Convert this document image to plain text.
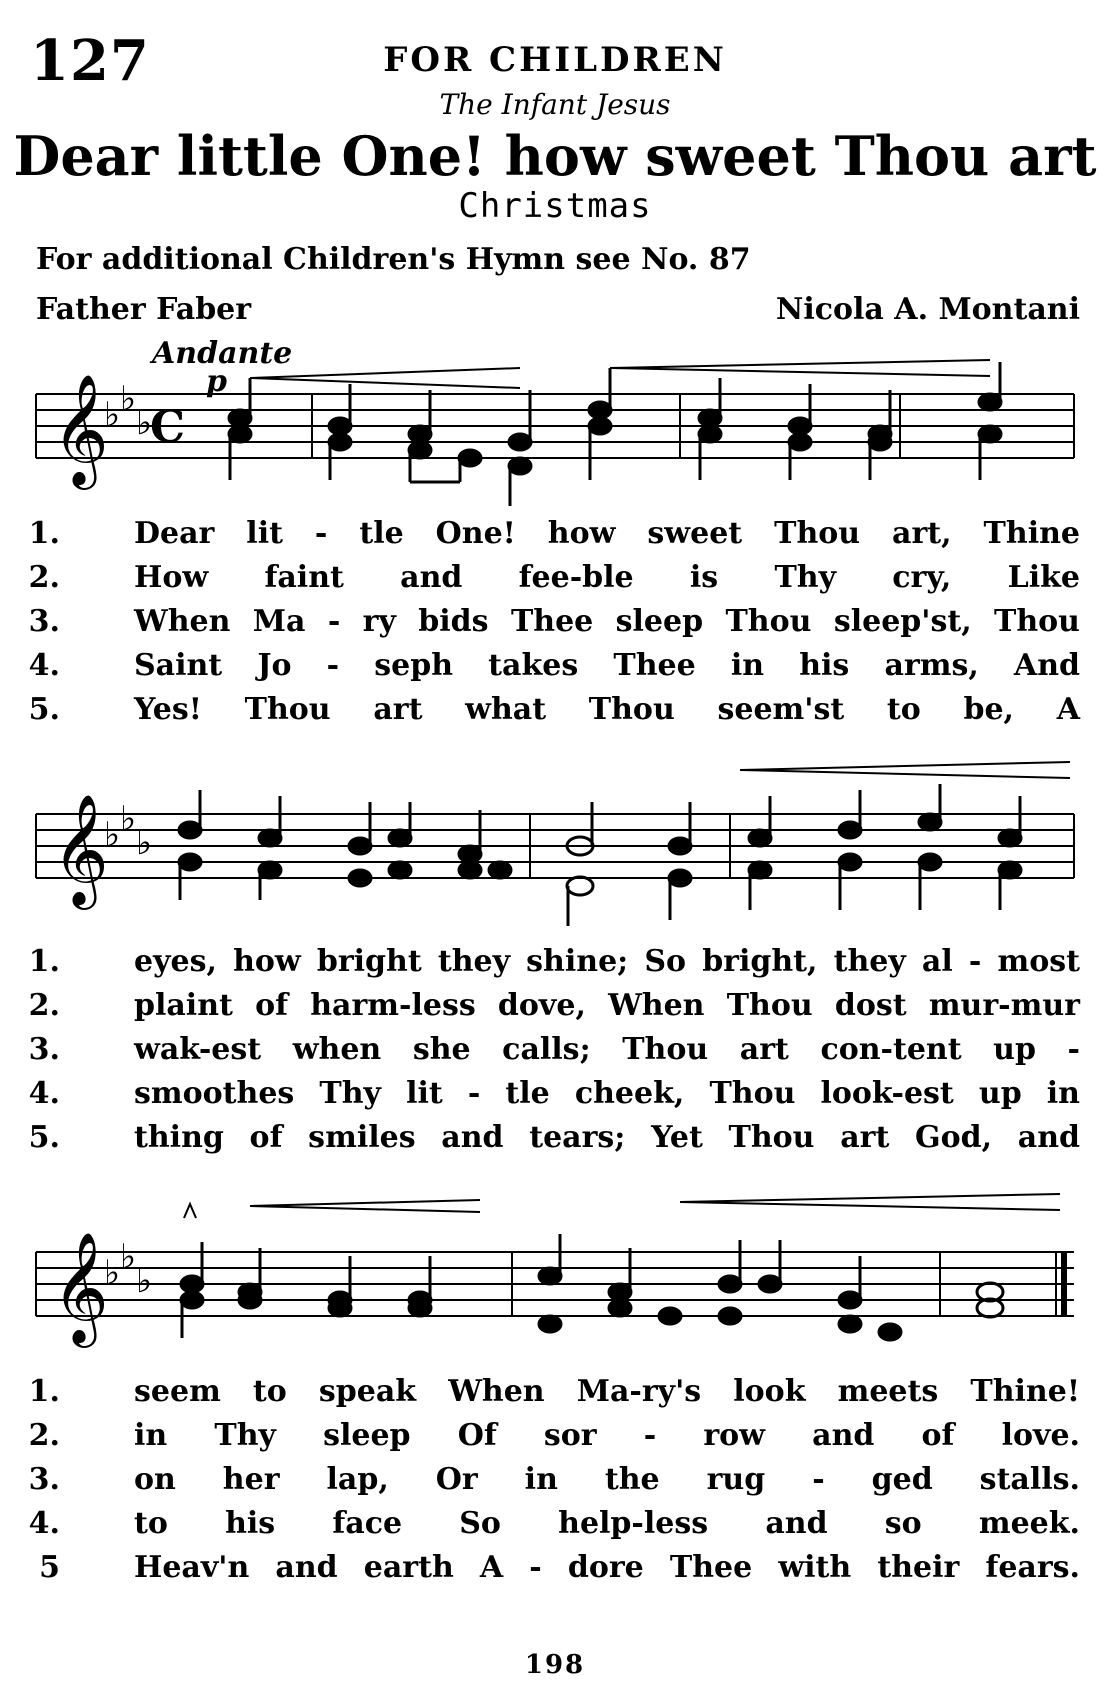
127	FOR CHILDREN
The Infant Jesus
Dear little One! how sweet Thou art
Christmas
For additional Children's Hymn see No. 87
Father Faber	Nicola A. Montani
Andante
p
𝄞
♭ ♭
♭
C
1. Dear lit - tle One! how sweet Thou art, Thine
2. How faint and fee-ble is Thy cry, Like
3. When Ma - ry bids Thee sleep Thou sleep'st, Thou
4. Saint Jo - seph takes Thee in his arms, And
5. Yes! Thou art what Thou seem'st to be, A
𝄞
♭ ♭
♭
1. eyes, how bright they shine; So bright, they al - most
2. plaint of harm-less dove, When Thou dost mur-mur
3. wak-est when she calls; Thou art con-tent up -
4. smoothes Thy lit - tle cheek, Thou look-est up in
5. thing of smiles and tears; Yet Thou art God, and
𝄞
♭ ♭
♭
1. seem to speak When Ma-ry's look meets Thine!
2. in Thy sleep Of sor - row and of love.
3. on her lap, Or in the rug - ged stalls.
4. to his face So help-less and so meek.
5 Heav'n and earth A - dore Thee with their fears.
198
